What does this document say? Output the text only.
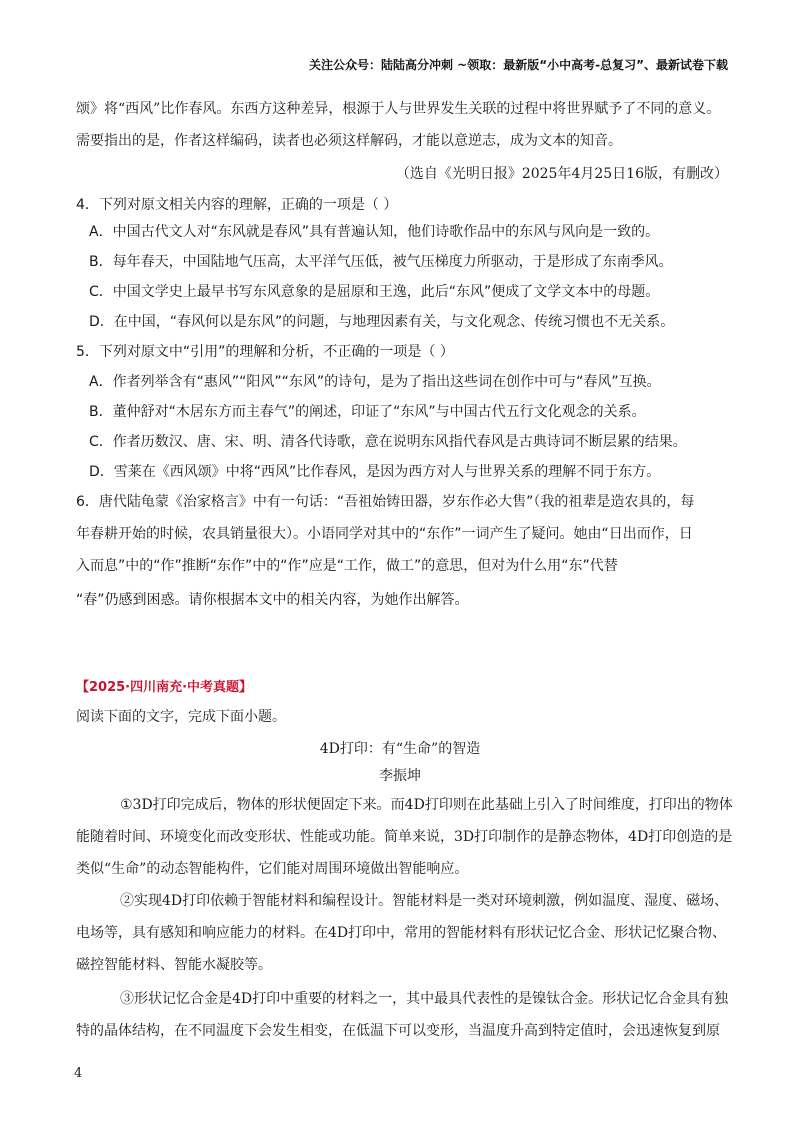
关注公众号：陆陆高分冲刺 ~领取：最新版“小中高考-总复习”、最新试卷下载
颂》将“西风”比作春风。东西方这种差异，根源于人与世界发生关联的过程中将世界赋予了不同的意义。
需要指出的是，作者这样编码，读者也必须这样解码，才能以意逆志，成为文本的知音。
（选自《光明日报》2025年4月25日16版，有删改）
4．下列对原文相关内容的理解，正确的一项是（ ）
A．中国古代文人对“东风就是春风”具有普遍认知，他们诗歌作品中的东风与风向是一致的。
B．每年春天，中国陆地气压高，太平洋气压低，被气压梯度力所驱动，于是形成了东南季风。
C．中国文学史上最早书写东风意象的是屈原和王逸，此后“东风”便成了文学文本中的母题。
D．在中国，“春风何以是东风”的问题，与地理因素有关，与文化观念、传统习惯也不无关系。
5．下列对原文中“引用”的理解和分析，不正确的一项是（ ）
A．作者列举含有“惠风”“阳风”“东风”的诗句，是为了指出这些词在创作中可与“春风”互换。
B．董仲舒对“木居东方而主春气”的阐述，印证了“东风”与中国古代五行文化观念的关系。
C．作者历数汉、唐、宋、明、清各代诗歌，意在说明东风指代春风是古典诗词不断层累的结果。
D．雪莱在《西风颂》中将“西风”比作春风，是因为西方对人与世界关系的理解不同于东方。
6．唐代陆龟蒙《治家格言》中有一句话：“吾祖始铸田器，岁东作必大售”（我的祖辈是造农具的，每
年春耕开始的时候，农具销量很大）。小语同学对其中的“东作”一词产生了疑问。她由“日出而作，日
入而息”中的“作”推断“东作”中的“作”应是“工作，做工”的意思，但对为什么用“东”代替
“春”仍感到困惑。请你根据本文中的相关内容，为她作出解答。
【2025·四川南充·中考真题】
阅读下面的文字，完成下面小题。
4D打印：有“生命”的智造
李振坤
①3D打印完成后，物体的形状便固定下来。而4D打印则在此基础上引入了时间维度，打印出的物体
能随着时间、环境变化而改变形状、性能或功能。简单来说，3D打印制作的是静态物体，4D打印创造的是
类似“生命”的动态智能构件，它们能对周围环境做出智能响应。
②实现4D打印依赖于智能材料和编程设计。智能材料是一类对环境刺激，例如温度、湿度、磁场、
电场等，具有感知和响应能力的材料。在4D打印中，常用的智能材料有形状记忆合金、形状记忆聚合物、
磁控智能材料、智能水凝胶等。
③形状记忆合金是4D打印中重要的材料之一，其中最具代表性的是镍钛合金。形状记忆合金具有独
特的晶体结构，在不同温度下会发生相变，在低温下可以变形，当温度升高到特定值时，会迅速恢复到原
4
